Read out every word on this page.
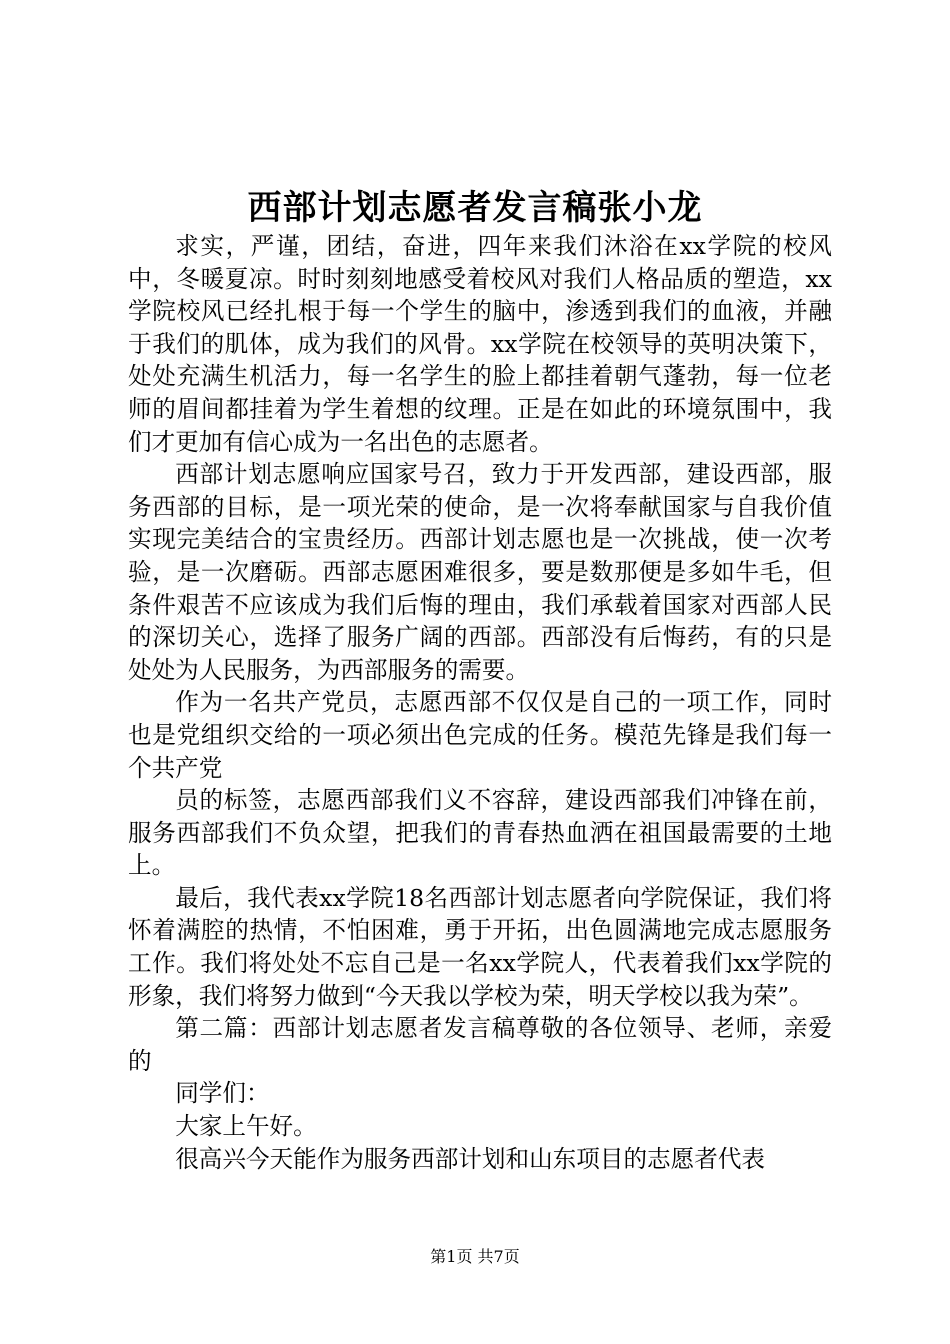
西部计划志愿者发言稿张小龙

求实，严谨，团结，奋进，四年来我们沐浴在xx学院的校风中，冬暖夏凉。时时刻刻地感受着校风对我们人格品质的塑造，xx学院校风已经扎根于每一个学生的脑中，渗透到我们的血液，并融于我们的肌体，成为我们的风骨。xx学院在校领导的英明决策下，处处充满生机活力，每一名学生的脸上都挂着朝气蓬勃，每一位老师的眉间都挂着为学生着想的纹理。正是在如此的环境氛围中，我们才更加有信心成为一名出色的志愿者。

西部计划志愿响应国家号召，致力于开发西部，建设西部，服务西部的目标，是一项光荣的使命，是一次将奉献国家与自我价值实现完美结合的宝贵经历。西部计划志愿也是一次挑战，使一次考验，是一次磨砺。西部志愿困难很多，要是数那便是多如牛毛，但条件艰苦不应该成为我们后悔的理由，我们承载着国家对西部人民的深切关心，选择了服务广阔的西部。西部没有后悔药，有的只是处处为人民服务，为西部服务的需要。

作为一名共产党员，志愿西部不仅仅是自己的一项工作，同时也是党组织交给的一项必须出色完成的任务。模范先锋是我们每一个共产党

员的标签，志愿西部我们义不容辞，建设西部我们冲锋在前，服务西部我们不负众望，把我们的青春热血洒在祖国最需要的土地上。

最后，我代表xx学院18名西部计划志愿者向学院保证，我们将怀着满腔的热情，不怕困难，勇于开拓，出色圆满地完成志愿服务工作。我们将处处不忘自己是一名xx学院人，代表着我们xx学院的形象，我们将努力做到“今天我以学校为荣，明天学校以我为荣”。

第二篇：西部计划志愿者发言稿尊敬的各位领导、老师，亲爱的

同学们：

大家上午好。

很高兴今天能作为服务西部计划和山东项目的志愿者代表

第1页 共7页
